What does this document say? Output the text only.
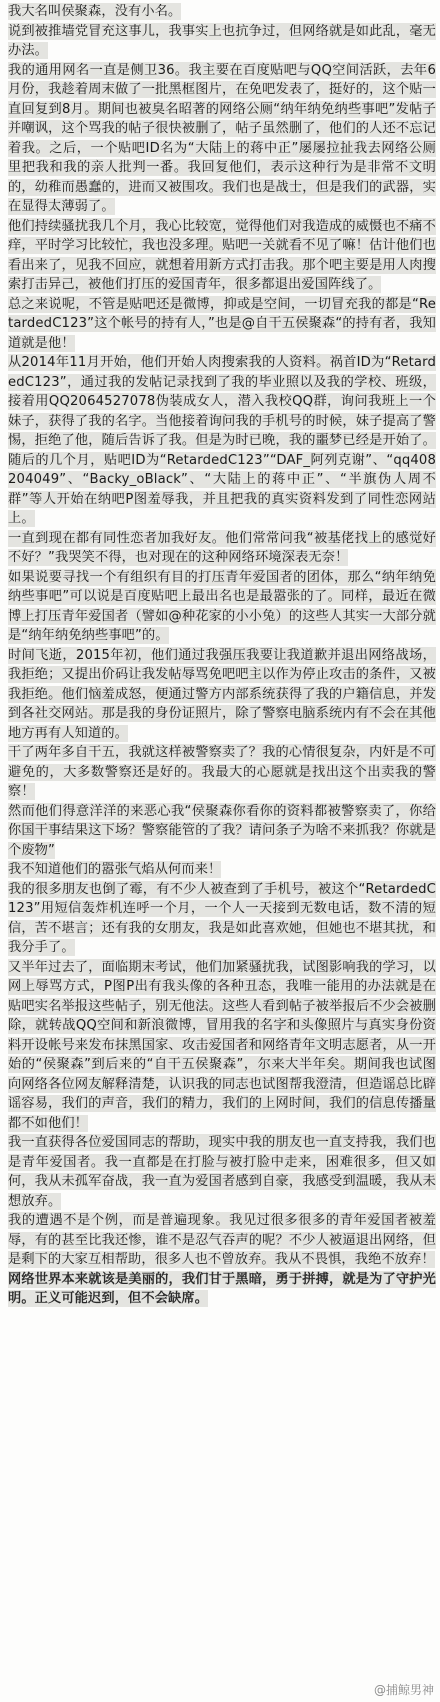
我大名叫侯聚森，没有小名。

说到被推墙党冒充这事儿，我事实上也抗争过，但网络就是如此乱，毫无办法。

我的通用网名一直是侧卫36。我主要在百度贴吧与QQ空间活跃，去年6月份，我趁着周末做了一批黑框图片，在免吧发表了，挺好的，这个贴一直回复到8月。期间也被臭名昭著的网络公厕“纳年纳免纳些事吧”发帖子并嘲讽，这个骂我的帖子很快被删了，帖子虽然删了，他们的人还不忘记着我。之后，一个贴吧ID名为“大陆上的蒋中正”屡屡拉扯我去网络公厕里把我和我的亲人批判一番。我回复他们，表示这种行为是非常不文明的，幼稚而愚蠢的，进而又被围攻。我们也是战士，但是我们的武器，实在显得太薄弱了。

他们持续骚扰我几个月，我心比较宽，觉得他们对我造成的威慑也不痛不痒，平时学习比较忙，我也没多理。贴吧一关就看不见了嘛！估计他们也看出来了，见我不回应，就想着用新方式打击我。那个吧主要是用人肉搜索打击异己，被他们打压的爱国青年，很多都退出爱国阵线了。

总之来说呢，不管是贴吧还是微博，抑或是空间，一切冒充我的都是“RetardedC123”这个帐号的持有人，”也是@自干五侯聚森“的持有者，我知道就是他！

从2014年11月开始，他们开始人肉搜索我的人资料。祸首ID为“RetardedC123”，通过我的发帖记录找到了我的毕业照以及我的学校、班级，接着用QQ2064527078伪装成女人，潜入我校QQ群，询问我班上一个妹子，获得了我的名字。当他接着询问我的手机号的时候，妹子提高了警惕，拒绝了他，随后告诉了我。但是为时已晚，我的噩梦已经是开始了。随后的几个月，贴吧ID为“RetardedC123”“DAF_阿列克谢”、“qq408204049”、“Backy_oBlack”、“大陆上的蒋中正”、“半旗伪人周不群”等人开始在纳吧P图羞辱我，并且把我的真实资料发到了同性恋网站上。

一直到现在都有同性恋者加我好友。他们常常问我“被基佬找上的感觉好不好？”我哭笑不得，也对现在的这种网络环境深表无奈！

如果说要寻找一个有组织有目的打压青年爱国者的团体，那么“纳年纳免纳些事吧”可以说是百度贴吧上最出名也是最嚣张的了。同样，最近在微博上打压青年爱国者（譬如@种花家的小小兔）的这些人其实一大部分就是“纳年纳免纳些事吧”的。

时间飞逝，2015年初，他们通过我强压我要让我道歉并退出网络战场，我拒绝；又提出价码让我发帖辱骂免吧吧主以作为停止攻击的条件，又被我拒绝。他们恼羞成怒，便通过警方内部系统获得了我的户籍信息，并发到各社交网站。那是我的身份证照片，除了警察电脑系统内有不会在其他地方再有人知道的。

干了两年多自干五，我就这样被警察卖了？我的心情很复杂，内奸是不可避免的，大多数警察还是好的。我最大的心愿就是找出这个出卖我的警察！

然而他们得意洋洋的来恶心我“侯聚森你看你的资料都被警察卖了，你给你国干事结果这下场？警察能管的了我？请问条子为啥不来抓我？你就是个废物”

我不知道他们的嚣张气焰从何而来！

我的很多朋友也倒了霉，有不少人被查到了手机号，被这个“RetardedC123”用短信轰炸机连呼一个月，一个人一天接到无数电话，数不清的短信，苦不堪言；还有我的女朋友，我是如此喜欢她，但她也不堪其扰，和我分手了。

又半年过去了，面临期末考试，他们加紧骚扰我，试图影响我的学习，以网上辱骂方式，P图P出有我头像的各种丑态，我唯一能用的办法就是在贴吧实名举报这些帖子，别无他法。这些人看到帖子被举报后不少会被删除，就转战QQ空间和新浪微博，冒用我的名字和头像照片与真实身份资料开设帐号来发布抹黑国家、攻击爱国者和网络青年文明志愿者，从一开始的“侯聚森”到后来的“自干五侯聚森”，尔来大半年矣。期间我也试图向网络各位网友解释清楚，认识我的同志也试图帮我澄清，但造谣总比辟谣容易，我们的声音，我们的精力，我们的上网时间，我们的信息传播量都不如他们！

我一直获得各位爱国同志的帮助，现实中我的朋友也一直支持我，我们也是青年爱国者。我一直都是在打脸与被打脸中走来，困难很多，但又如何，我从未孤军奋战，我一直为爱国者感到自豪，我感受到温暖，我从未想放弃。

我的遭遇不是个例，而是普遍现象。我见过很多很多的青年爱国者被羞辱，有的甚至比我还惨，谁不是忍气吞声的呢？不少人被逼退出网络，但是剩下的大家互相帮助，很多人也不曾放弃。我从不畏惧，我绝不放弃！

网络世界本来就该是美丽的，我们甘于黑暗，勇于拼搏，就是为了守护光明。正义可能迟到，但不会缺席。

@捕鲸男神
